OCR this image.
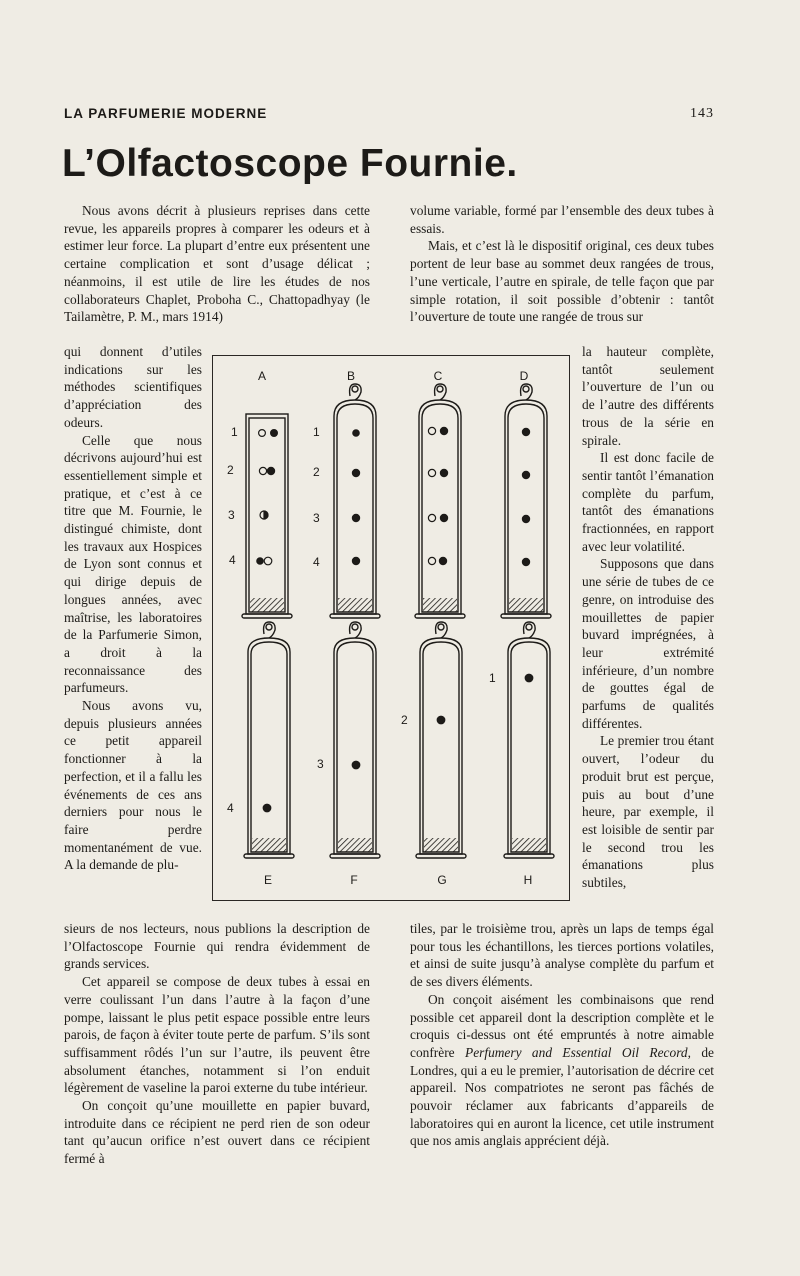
LA PARFUMERIE MODERNE	143
L’Olfactoscope Fournie.

Nous avons décrit à plusieurs reprises dans cette revue, les appareils propres à comparer les odeurs et à estimer leur force. La plupart d’entre eux présentent une certaine complication et sont d’usage délicat ; néanmoins, il est utile de lire les études de nos collaborateurs Chaplet, Proboha C., Chattopadhyay (le Tailamètre, P. M., mars 1914)

qui donnent d’utiles indications sur les méthodes scientifiques d’appréciation des odeurs.

Celle que nous décrivons aujourd’hui est essentiellement simple et pratique, et c’est à ce titre que M. Fournie, le distingué chimiste, dont les travaux aux Hospices de Lyon sont connus et qui dirige depuis de longues années, avec maîtrise, les laboratoires de la Parfumerie Simon, a droit à la reconnaissance des parfumeurs.

Nous avons vu, depuis plusieurs années ce petit appareil fonctionner à la perfection, et il a fallu les événements de ces ans derniers pour nous le faire perdre momentanément de vue. A la demande de plu-

sieurs de nos lecteurs, nous publions la description de l’Olfactoscope Fournie qui rendra évidemment de grands services.

Cet appareil se compose de deux tubes à essai en verre coulissant l’un dans l’autre à la façon d’une pompe, laissant le plus petit espace possible entre leurs parois, de façon à éviter toute perte de parfum. S’ils sont suffisamment rôdés l’un sur l’autre, ils peuvent être absolument étanches, notamment si l’on enduit légèrement de vaseline la paroi externe du tube intérieur.

On conçoit qu’une mouillette en papier buvard, introduite dans ce récipient ne perd rien de son odeur tant qu’aucun orifice n’est ouvert dans ce récipient fermé à

volume variable, formé par l’ensemble des deux tubes à essais.

Mais, et c’est là le dispositif original, ces deux tubes portent de leur base au sommet deux rangées de trous, l’une verticale, l’autre en spirale, de telle façon que par simple rotation, il soit possible d’obtenir : tantôt l’ouverture de toute une rangée de trous sur

la hauteur complète, tantôt seulement l’ouverture de l’un ou de l’autre des différents trous de la série en spirale.

Il est donc facile de sentir tantôt l’émanation complète du parfum, tantôt des émanations fractionnées, en rapport avec leur volatilité.

Supposons que dans une série de tubes de ce genre, on introduise des mouillettes de papier buvard imprégnées, à leur extrémité inférieure, d’un nombre de gouttes égal de parfums de qualités différentes.

Le premier trou étant ouvert, l’odeur du produit brut est perçue, puis au bout d’une heure, par exemple, il est loisible de sentir par le second trou les émanations plus subtiles,

tiles, par le troisième trou, après un laps de temps égal pour tous les échantillons, les tierces portions volatiles, et ainsi de suite jusqu’à analyse complète du parfum et de ses divers éléments.

On conçoit aisément les combinaisons que rend possible cet appareil dont la description complète et le croquis ci-dessus ont été empruntés à notre aimable confrère Perfumery and Essential Oil Record, de Londres, qui a eu le premier, l’autorisation de décrire cet appareil. Nos compatriotes ne seront pas fâchés de pouvoir réclamer aux fabricants d’appareils de laboratoires qui en auront la licence, cet utile instrument que nos amis anglais apprécient déjà.

A	B	C	D
E	F	G	H
1
2
3
4
1
2
3
4
4
3
2
1
